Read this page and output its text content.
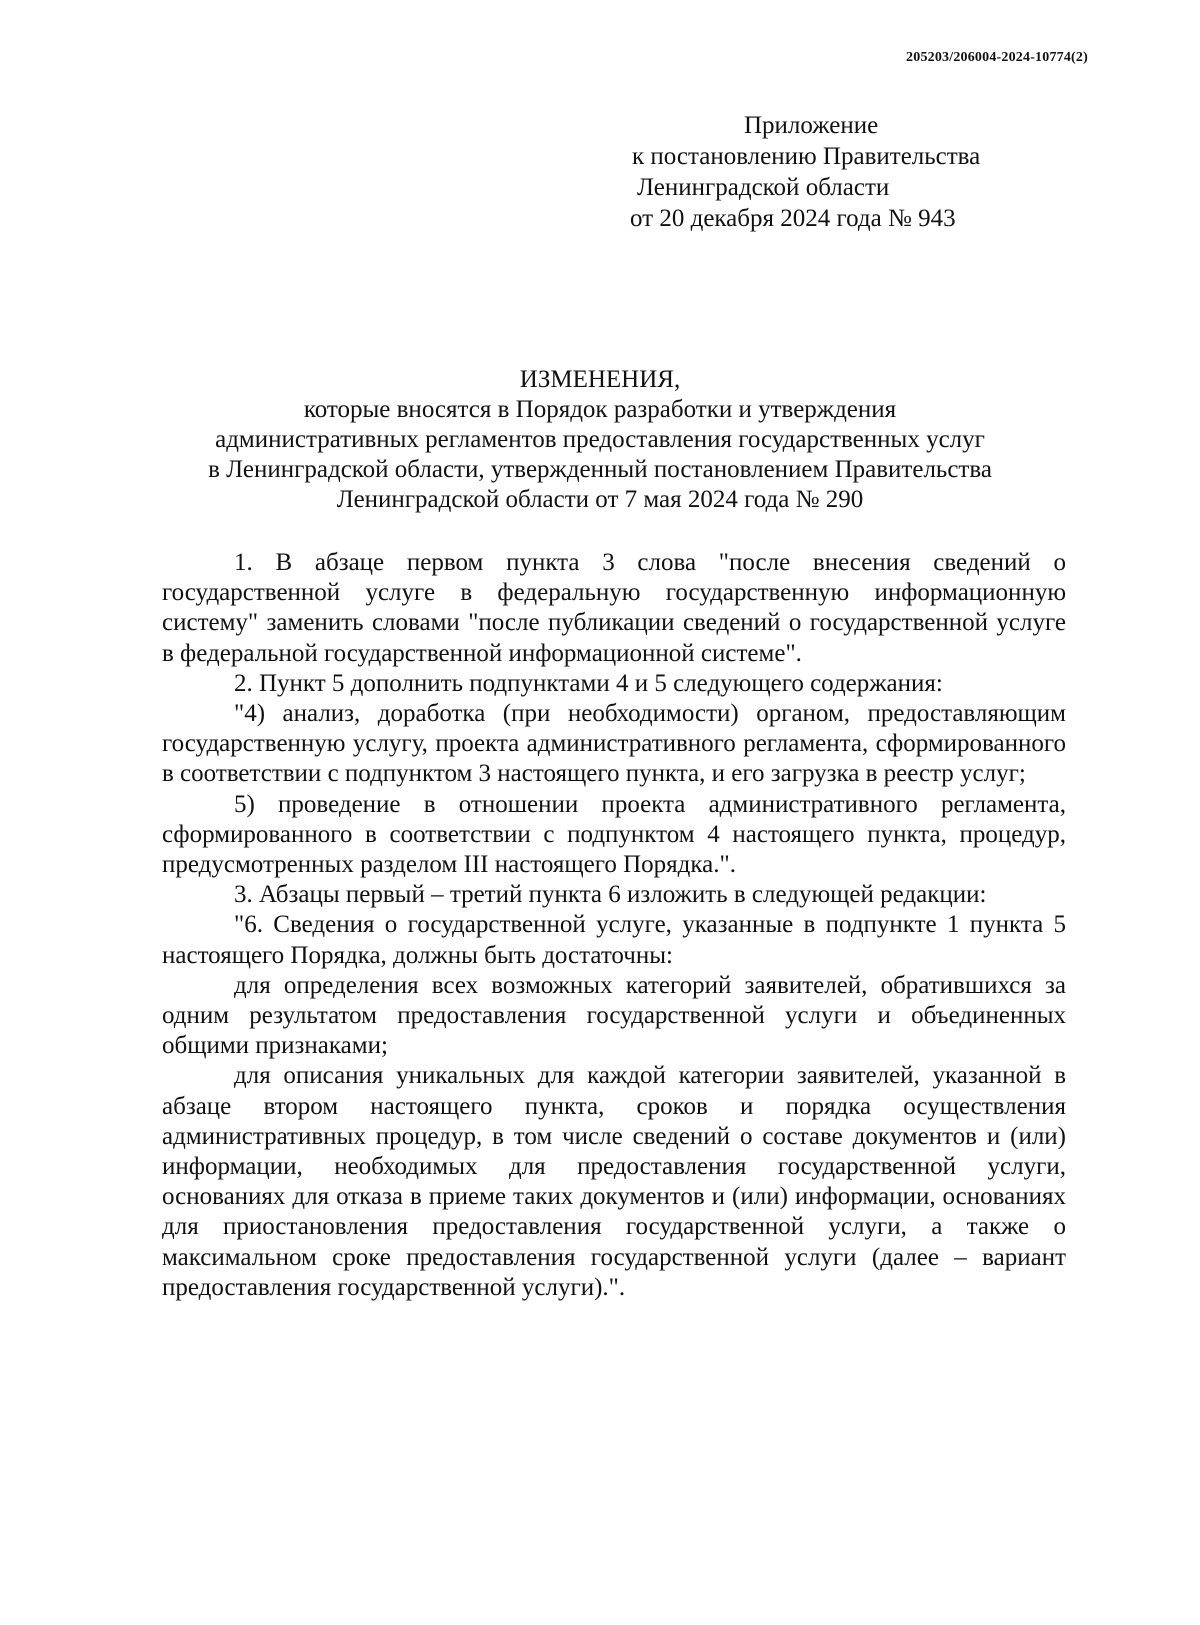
205203/206004-2024-10774(2)
Приложение
к постановлению Правительства
Ленинградской области
от 20 декабря 2024 года № 943
ИЗМЕНЕНИЯ,
которые вносятся в Порядок разработки и утверждения
административных регламентов предоставления государственных услуг
в Ленинградской области, утвержденный постановлением Правительства
Ленинградской области от 7 мая 2024 года № 290

1. В абзаце первом пункта 3 слова "после внесения сведений о государственной услуге в федеральную государственную информационную систему" заменить словами "после публикации сведений о государственной услуге в федеральной государственной информационной системе".

2. Пункт 5 дополнить подпунктами 4 и 5 следующего содержания:

"4) анализ, доработка (при необходимости) органом, предоставляющим государственную услугу, проекта административного регламента, сформированного в соответствии с подпунктом 3 настоящего пункта, и его загрузка в реестр услуг;

5) проведение в отношении проекта административного регламента, сформированного в соответствии с подпунктом 4 настоящего пункта, процедур, предусмотренных разделом III настоящего Порядка.".

3. Абзацы первый – третий пункта 6 изложить в следующей редакции:

"6. Сведения о государственной услуге, указанные в подпункте 1 пункта 5 настоящего Порядка, должны быть достаточны:

для определения всех возможных категорий заявителей, обратившихся за одним результатом предоставления государственной услуги и объединенных общими признаками;

для описания уникальных для каждой категории заявителей, указанной в абзаце втором настоящего пункта, сроков и порядка осуществления административных процедур, в том числе сведений о составе документов и (или) информации, необходимых для предоставления государственной услуги, основаниях для отказа в приеме таких документов и (или) информации, основаниях для приостановления предоставления государственной услуги, а также о максимальном сроке предоставления государственной услуги (далее – вариант предоставления государственной услуги).".
